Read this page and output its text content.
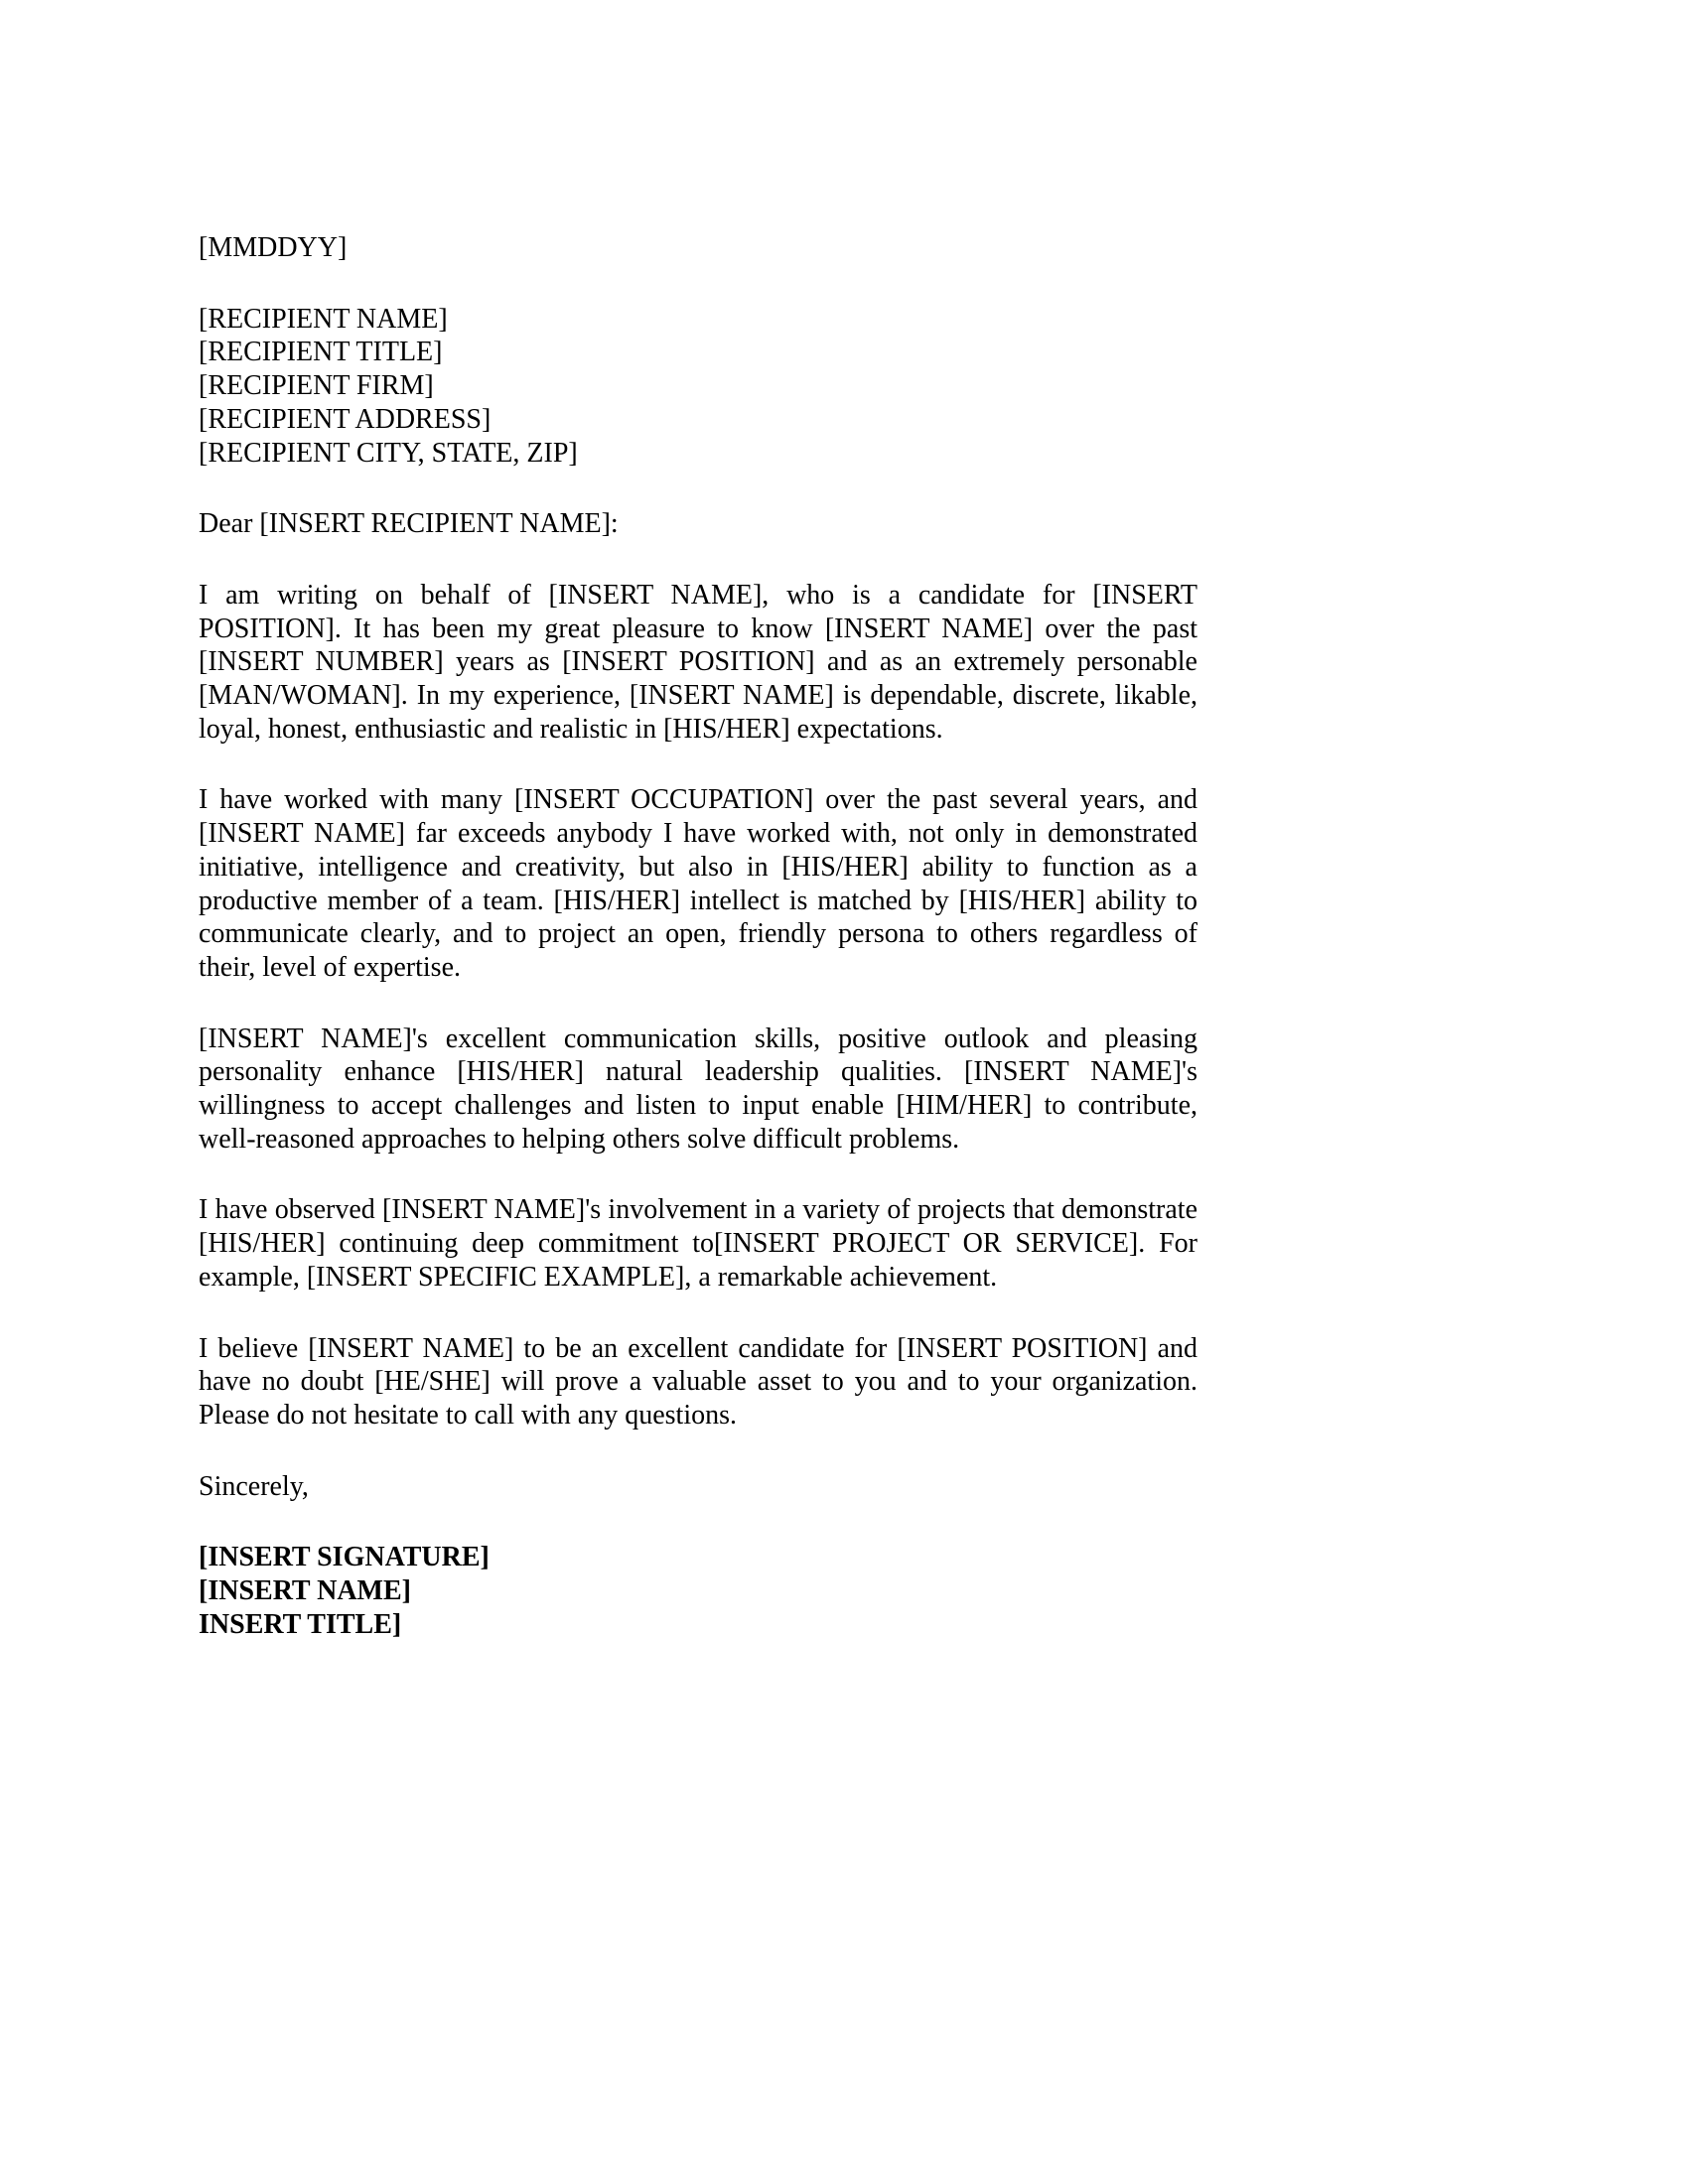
[MMDDYY]
[RECIPIENT NAME]
[RECIPIENT TITLE]
[RECIPIENT FIRM]
[RECIPIENT ADDRESS]
[RECIPIENT CITY, STATE, ZIP]
Dear [INSERT RECIPIENT NAME]:

I am writing on behalf of [INSERT NAME], who is a candidate for [INSERT POSITION]. It has been my great pleasure to know [INSERT NAME] over the past [INSERT NUMBER] years as [INSERT POSITION] and as an extremely personable [MAN/WOMAN]. In my experience, [INSERT NAME] is dependable, discrete, likable, loyal, honest, enthusiastic and realistic in [HIS/HER] expectations.

I have worked with many [INSERT OCCUPATION] over the past several years, and [INSERT NAME] far exceeds anybody I have worked with, not only in demonstrated initiative, intelligence and creativity, but also in [HIS/HER] ability to function as a productive member of a team. [HIS/HER] intellect is matched by [HIS/HER] ability to communicate clearly, and to project an open, friendly persona to others regardless of their, level of expertise.

[INSERT NAME]'s excellent communication skills, positive outlook and pleasing personality enhance [HIS/HER] natural leadership qualities. [INSERT NAME]'s willingness to accept challenges and listen to input enable [HIM/HER] to contribute, well-reasoned approaches to helping others solve difficult problems.

I have observed [INSERT NAME]'s involvement in a variety of projects that demonstrate [HIS/HER] continuing deep commitment to[INSERT PROJECT OR SERVICE]. For example, [INSERT SPECIFIC EXAMPLE], a remarkable achievement.

I believe [INSERT NAME] to be an excellent candidate for [INSERT POSITION] and have no doubt [HE/SHE] will prove a valuable asset to you and to your organization. Please do not hesitate to call with any questions.

Sincerely,
[INSERT SIGNATURE]
[INSERT NAME]
INSERT TITLE]
